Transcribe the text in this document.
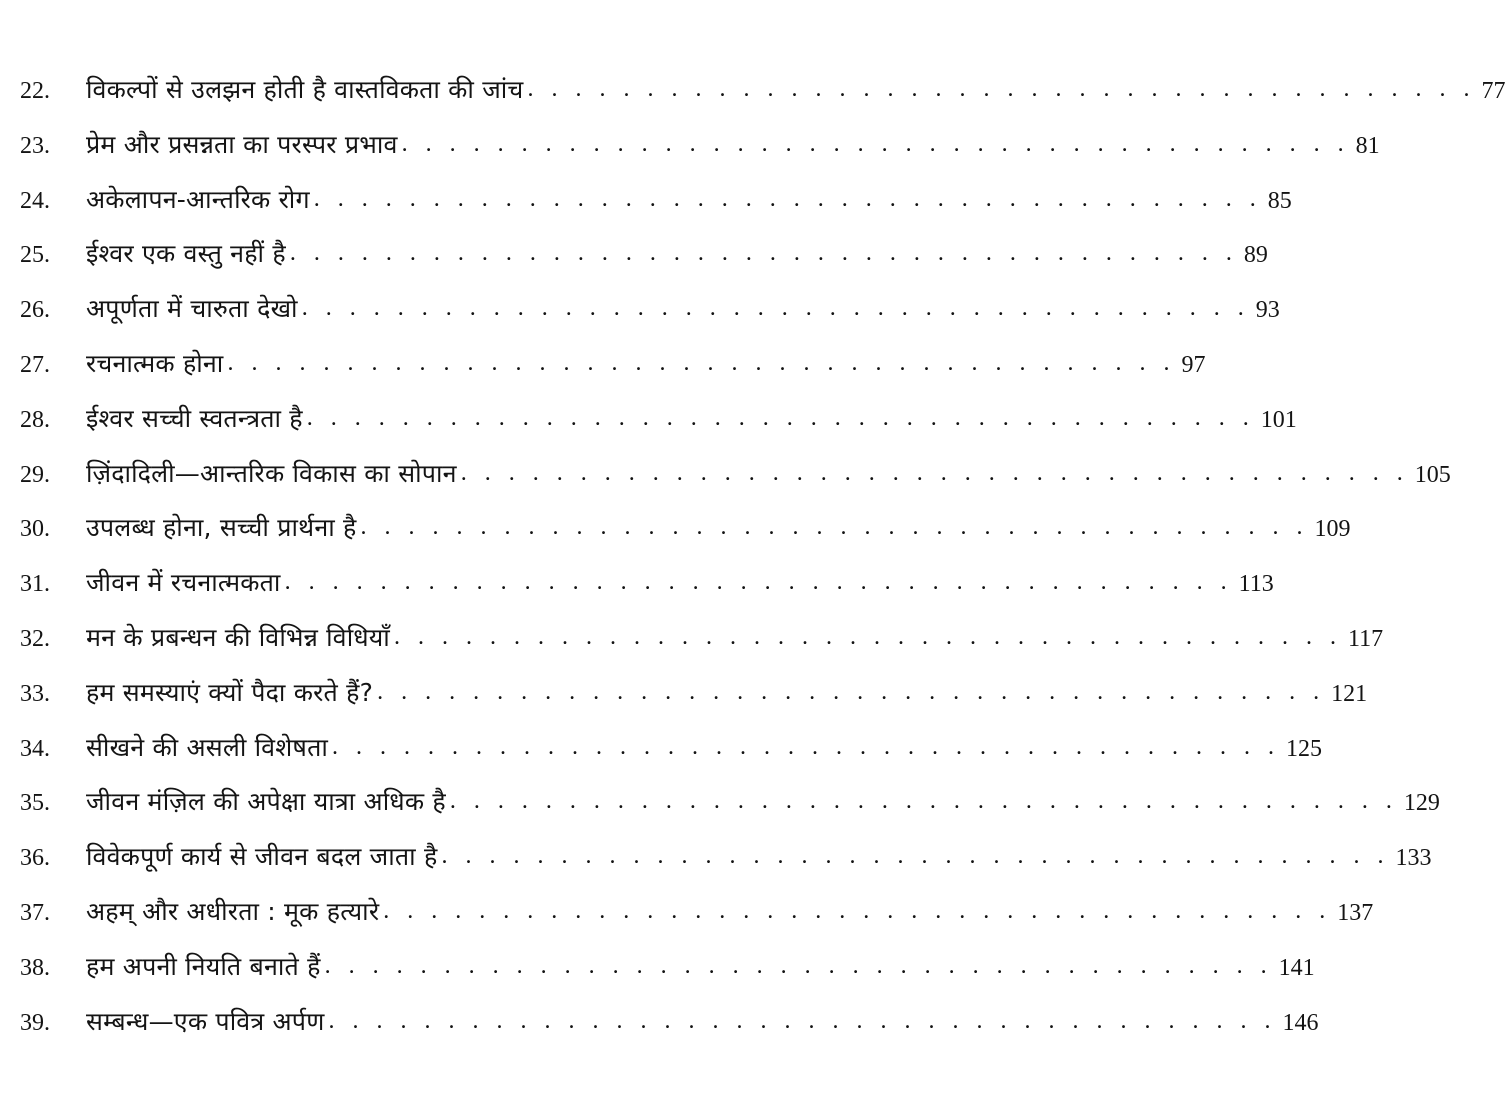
22.	विकल्पों से उलझन होती है वास्तविकता की जांच . . . . . . . . . . . . . . . . . . . . . . . . . . . . . . . . . . . . . . . . 77
23.	प्रेम और प्रसन्नता का परस्पर प्रभाव . . . . . . . . . . . . . . . . . . . . . . . . . . . . . . . . . . . . . . . . 81
24.	अकेलापन-आन्तरिक रोग . . . . . . . . . . . . . . . . . . . . . . . . . . . . . . . . . . . . . . . . 85
25.	ईश्वर एक वस्तु नहीं है . . . . . . . . . . . . . . . . . . . . . . . . . . . . . . . . . . . . . . . . 89
26.	अपूर्णता में चारुता देखो . . . . . . . . . . . . . . . . . . . . . . . . . . . . . . . . . . . . . . . . 93
27.	रचनात्मक होना . . . . . . . . . . . . . . . . . . . . . . . . . . . . . . . . . . . . . . . . 97
28.	ईश्वर सच्ची स्वतन्त्रता है . . . . . . . . . . . . . . . . . . . . . . . . . . . . . . . . . . . . . . . . 101
29.	ज़िंदादिली—आन्तरिक विकास का सोपान . . . . . . . . . . . . . . . . . . . . . . . . . . . . . . . . . . . . . . . . 105
30.	उपलब्ध होना, सच्ची प्रार्थना है . . . . . . . . . . . . . . . . . . . . . . . . . . . . . . . . . . . . . . . . 109
31.	जीवन में रचनात्मकता . . . . . . . . . . . . . . . . . . . . . . . . . . . . . . . . . . . . . . . . 113
32.	मन के प्रबन्धन की विभिन्न विधियाँ . . . . . . . . . . . . . . . . . . . . . . . . . . . . . . . . . . . . . . . . 117
33.	हम समस्याएं क्यों पैदा करते हैं? . . . . . . . . . . . . . . . . . . . . . . . . . . . . . . . . . . . . . . . . 121
34.	सीखने की असली विशेषता . . . . . . . . . . . . . . . . . . . . . . . . . . . . . . . . . . . . . . . . 125
35.	जीवन मंज़िल की अपेक्षा यात्रा अधिक है . . . . . . . . . . . . . . . . . . . . . . . . . . . . . . . . . . . . . . . . 129
36.	विवेकपूर्ण कार्य से जीवन बदल जाता है . . . . . . . . . . . . . . . . . . . . . . . . . . . . . . . . . . . . . . . . 133
37.	अहम् और अधीरता : मूक हत्यारे . . . . . . . . . . . . . . . . . . . . . . . . . . . . . . . . . . . . . . . . 137
38.	हम अपनी नियति बनाते हैं . . . . . . . . . . . . . . . . . . . . . . . . . . . . . . . . . . . . . . . . 141
39.	सम्बन्ध—एक पवित्र अर्पण . . . . . . . . . . . . . . . . . . . . . . . . . . . . . . . . . . . . . . . . 146
